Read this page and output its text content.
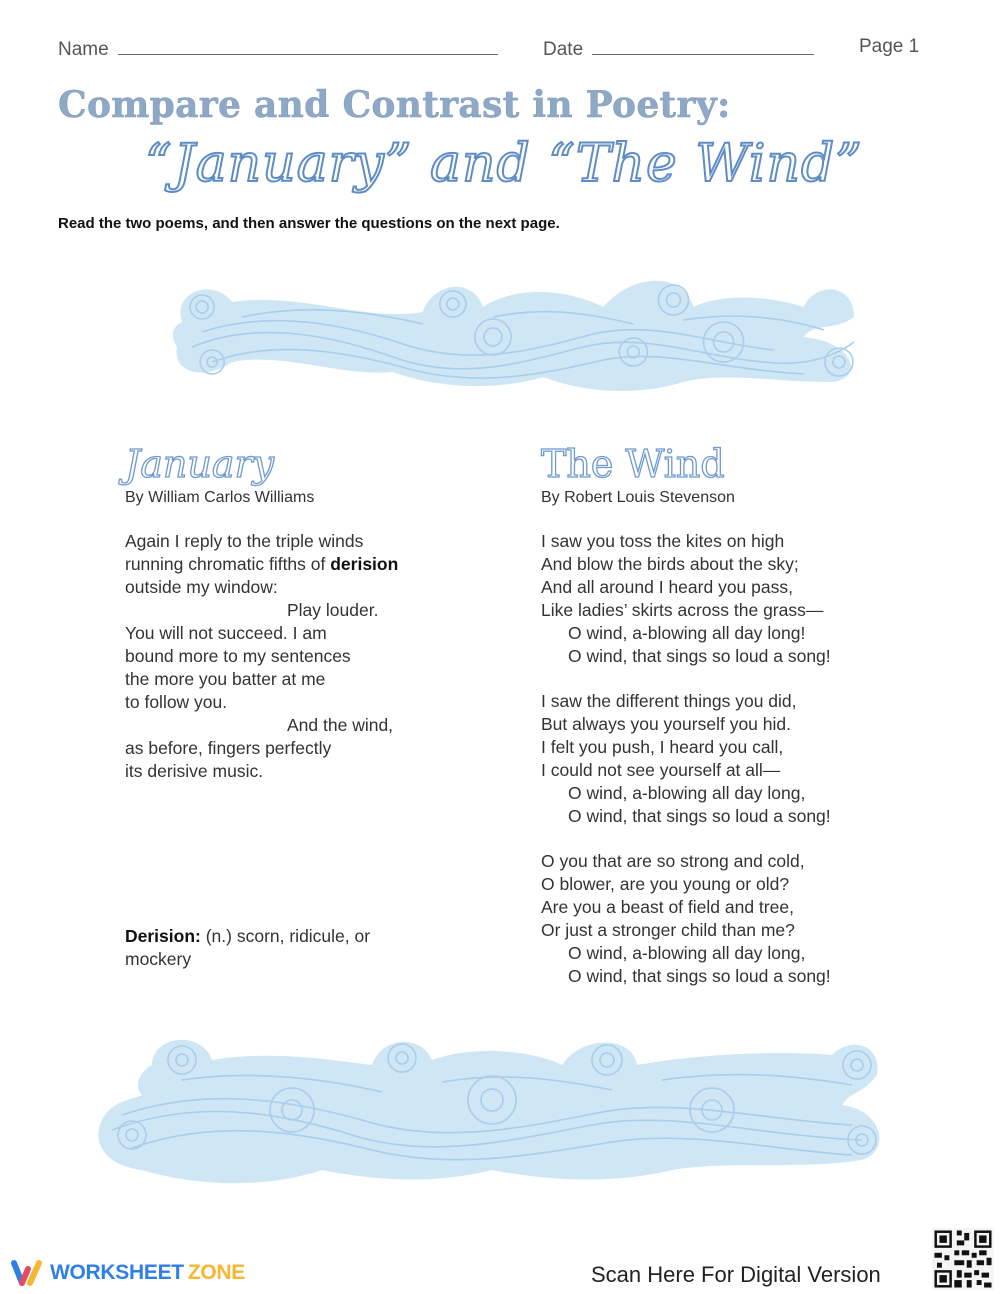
Name	Date	Page 1
Compare and Contrast in Poetry:
“January” and “The Wind”
Read the two poems, and then answer the questions on the next page.
January
By William Carlos Williams
Again I reply to the triple winds
running chromatic fifths of derision
outside my window:
Play louder.
You will not succeed. I am
bound more to my sentences
the more you batter at me
to follow you.
And the wind,
as before, fingers perfectly
its derisive music.
Derision: (n.) scorn, ridicule, or mockery
The Wind
By Robert Louis Stevenson
I saw you toss the kites on high
And blow the birds about the sky;
And all around I heard you pass,
Like ladies’ skirts across the grass—
O wind, a-blowing all day long!
O wind, that sings so loud a song!
I saw the different things you did,
But always you yourself you hid.
I felt you push, I heard you call,
I could not see yourself at all—
O wind, a-blowing all day long,
O wind, that sings so loud a song!
O you that are so strong and cold,
O blower, are you young or old?
Are you a beast of field and tree,
Or just a stronger child than me?
O wind, a-blowing all day long,
O wind, that sings so loud a song!
WORKSHEET ZONE	Scan Here For Digital Version
